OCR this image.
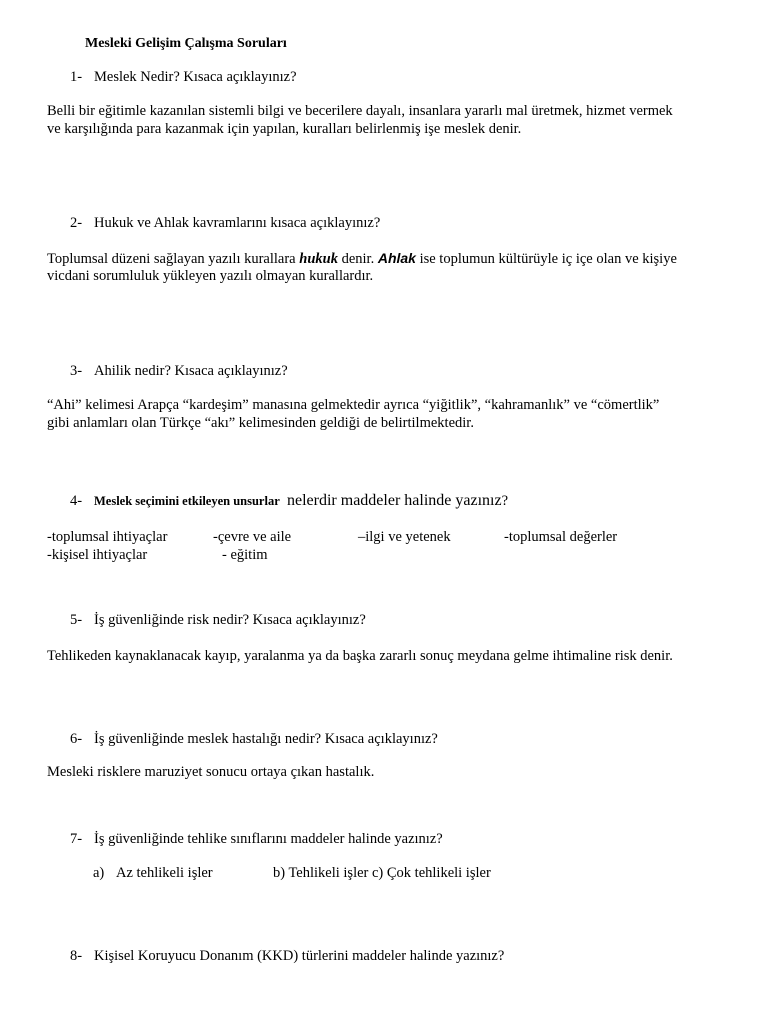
Mesleki Gelişim Çalışma Soruları
1- Meslek Nedir? Kısaca açıklayınız?
Belli bir eğitimle kazanılan sistemli bilgi ve becerilere dayalı, insanlara yararlı mal üretmek, hizmet vermek
ve karşılığında para kazanmak için yapılan, kuralları belirlenmiş işe meslek denir.
2- Hukuk ve Ahlak kavramlarını kısaca açıklayınız?
Toplumsal düzeni sağlayan yazılı kurallara hukuk denir. Ahlak ise toplumun kültürüyle iç içe olan ve kişiye
vicdani sorumluluk yükleyen yazılı olmayan kurallardır.
3- Ahilik nedir? Kısaca açıklayınız?
“Ahi” kelimesi Arapça “kardeşim” manasına gelmektedir ayrıca “yiğitlik”, “kahramanlık” ve “cömertlik”
gibi anlamları olan Türkçe “akı” kelimesinden geldiği de belirtilmektedir.
4- Meslek seçimini etkileyen unsurlar nelerdir maddeler halinde yazınız?
-toplumsal ihtiyaçlar	-çevre ve aile	–ilgi ve yetenek	-toplumsal değerler
-kişisel ihtiyaçlar	- eğitim
5- İş güvenliğinde risk nedir? Kısaca açıklayınız?
Tehlikeden kaynaklanacak kayıp, yaralanma ya da başka zararlı sonuç meydana gelme ihtimaline risk denir.
6- İş güvenliğinde meslek hastalığı nedir? Kısaca açıklayınız?
Mesleki risklere maruziyet sonucu ortaya çıkan hastalık.
7- İş güvenliğinde tehlike sınıflarını maddeler halinde yazınız?
a) Az tehlikeli işler	b) Tehlikeli işler c) Çok tehlikeli işler
8- Kişisel Koruyucu Donanım (KKD) türlerini maddeler halinde yazınız?
